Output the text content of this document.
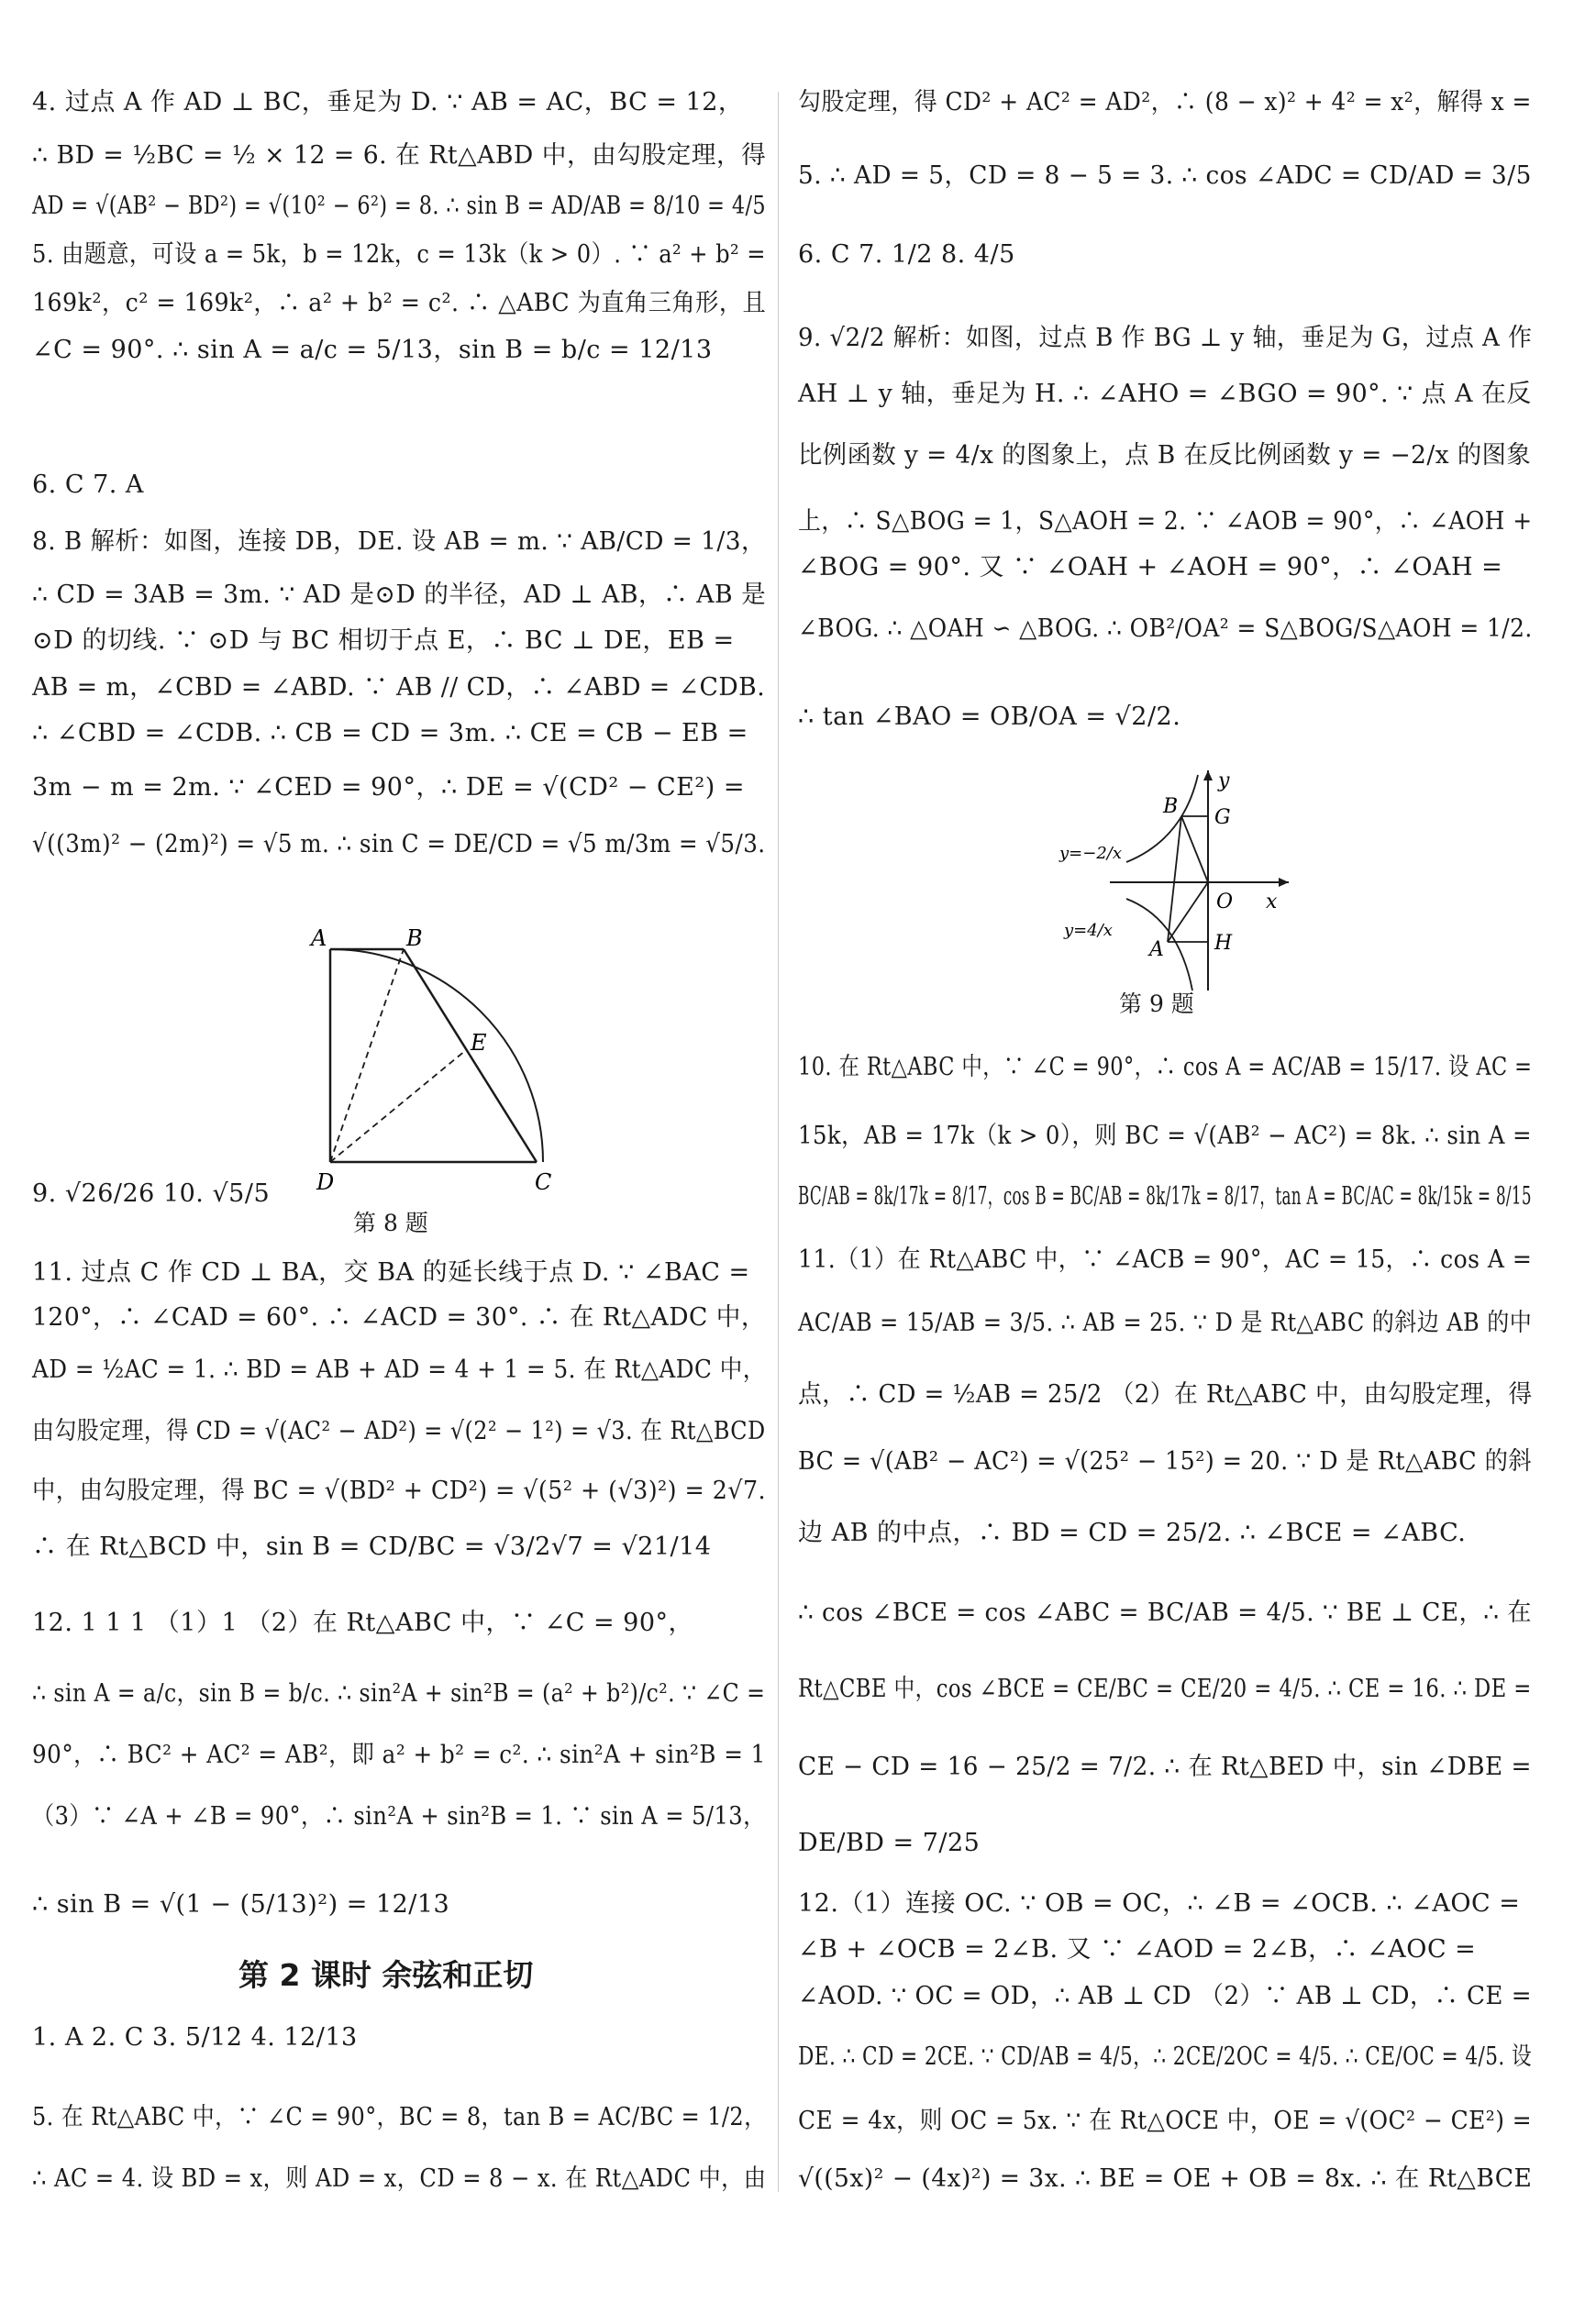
4. 过点 A 作 AD ⊥ BC，垂足为 D. ∵ AB = AC，BC = 12，
∴ BD = ½BC = ½ × 12 = 6. 在 Rt△ABD 中，由勾股定理，得
AD = √(AB² − BD²) = √(10² − 6²) = 8. ∴ sin B = AD/AB = 8/10 = 4/5
5. 由题意，可设 a = 5k，b = 12k，c = 13k（k > 0）. ∵ a² + b² =
169k²，c² = 169k²，∴ a² + b² = c². ∴ △ABC 为直角三角形，且
∠C = 90°. ∴ sin A = a/c = 5/13，sin B = b/c = 12/13
6. C 7. A
8. B 解析：如图，连接 DB，DE. 设 AB = m. ∵ AB/CD = 1/3，
∴ CD = 3AB = 3m. ∵ AD 是⊙D 的半径，AD ⊥ AB，∴ AB 是
⊙D 的切线. ∵ ⊙D 与 BC 相切于点 E，∴ BC ⊥ DE，EB =
AB = m，∠CBD = ∠ABD. ∵ AB // CD，∴ ∠ABD = ∠CDB.
∴ ∠CBD = ∠CDB. ∴ CB = CD = 3m. ∴ CE = CB − EB =
3m − m = 2m. ∵ ∠CED = 90°，∴ DE = √(CD² − CE²) =
√((3m)² − (2m)²) = √5 m. ∴ sin C = DE/CD = √5 m/3m = √5/3.
A	B
E
D	C
第 8 题
9. √26/26 10. √5/5
11. 过点 C 作 CD ⊥ BA，交 BA 的延长线于点 D. ∵ ∠BAC =
120°，∴ ∠CAD = 60°. ∴ ∠ACD = 30°. ∴ 在 Rt△ADC 中，
AD = ½AC = 1. ∴ BD = AB + AD = 4 + 1 = 5. 在 Rt△ADC 中，
由勾股定理，得 CD = √(AC² − AD²) = √(2² − 1²) = √3. 在 Rt△BCD
中，由勾股定理，得 BC = √(BD² + CD²) = √(5² + (√3)²) = 2√7.
∴ 在 Rt△BCD 中，sin B = CD/BC = √3/2√7 = √21/14
12. 1 1 1 （1）1 （2）在 Rt△ABC 中，∵ ∠C = 90°，
∴ sin A = a/c，sin B = b/c. ∴ sin²A + sin²B = (a² + b²)/c². ∵ ∠C =
90°，∴ BC² + AC² = AB²，即 a² + b² = c². ∴ sin²A + sin²B = 1
（3）∵ ∠A + ∠B = 90°，∴ sin²A + sin²B = 1. ∵ sin A = 5/13，
∴ sin B = √(1 − (5/13)²) = 12/13
第 2 课时 余弦和正切
1. A 2. C 3. 5/12 4. 12/13
5. 在 Rt△ABC 中，∵ ∠C = 90°，BC = 8，tan B = AC/BC = 1/2，
∴ AC = 4. 设 BD = x，则 AD = x，CD = 8 − x. 在 Rt△ADC 中，由
勾股定理，得 CD² + AC² = AD²，∴ (8 − x)² + 4² = x²，解得 x =
5. ∴ AD = 5，CD = 8 − 5 = 3. ∴ cos ∠ADC = CD/AD = 3/5
6. C 7. 1/2 8. 4/5
9. √2/2 解析：如图，过点 B 作 BG ⊥ y 轴，垂足为 G，过点 A 作
AH ⊥ y 轴，垂足为 H. ∴ ∠AHO = ∠BGO = 90°. ∵ 点 A 在反
比例函数 y = 4/x 的图象上，点 B 在反比例函数 y = −2/x 的图象
上，∴ S△BOG = 1，S△AOH = 2. ∵ ∠AOB = 90°，∴ ∠AOH +
∠BOG = 90°. 又 ∵ ∠OAH + ∠AOH = 90°，∴ ∠OAH =
∠BOG. ∴ △OAH ∽ △BOG. ∴ OB²/OA² = S△BOG/S△AOH = 1/2.
∴ tan ∠BAO = OB/OA = √2/2.
y
x
O
B G
A	H
y=−2/x
y=4/x
第 9 题
10. 在 Rt△ABC 中，∵ ∠C = 90°，∴ cos A = AC/AB = 15/17. 设 AC =
15k，AB = 17k（k > 0），则 BC = √(AB² − AC²) = 8k. ∴ sin A =
BC/AB = 8k/17k = 8/17，cos B = BC/AB = 8k/17k = 8/17，tan A = BC/AC = 8k/15k = 8/15
11.（1）在 Rt△ABC 中，∵ ∠ACB = 90°，AC = 15，∴ cos A =
AC/AB = 15/AB = 3/5. ∴ AB = 25. ∵ D 是 Rt△ABC 的斜边 AB 的中
点，∴ CD = ½AB = 25/2 （2）在 Rt△ABC 中，由勾股定理，得
BC = √(AB² − AC²) = √(25² − 15²) = 20. ∵ D 是 Rt△ABC 的斜
边 AB 的中点，∴ BD = CD = 25/2. ∴ ∠BCE = ∠ABC.
∴ cos ∠BCE = cos ∠ABC = BC/AB = 4/5. ∵ BE ⊥ CE，∴ 在
Rt△CBE 中，cos ∠BCE = CE/BC = CE/20 = 4/5. ∴ CE = 16. ∴ DE =
CE − CD = 16 − 25/2 = 7/2. ∴ 在 Rt△BED 中，sin ∠DBE =
DE/BD = 7/25
12.（1）连接 OC. ∵ OB = OC，∴ ∠B = ∠OCB. ∴ ∠AOC =
∠B + ∠OCB = 2∠B. 又 ∵ ∠AOD = 2∠B，∴ ∠AOC =
∠AOD. ∵ OC = OD，∴ AB ⊥ CD （2）∵ AB ⊥ CD，∴ CE =
DE. ∴ CD = 2CE. ∵ CD/AB = 4/5，∴ 2CE/2OC = 4/5. ∴ CE/OC = 4/5. 设
CE = 4x，则 OC = 5x. ∵ 在 Rt△OCE 中，OE = √(OC² − CE²) =
√((5x)² − (4x)²) = 3x. ∴ BE = OE + OB = 8x. ∴ 在 Rt△BCE
